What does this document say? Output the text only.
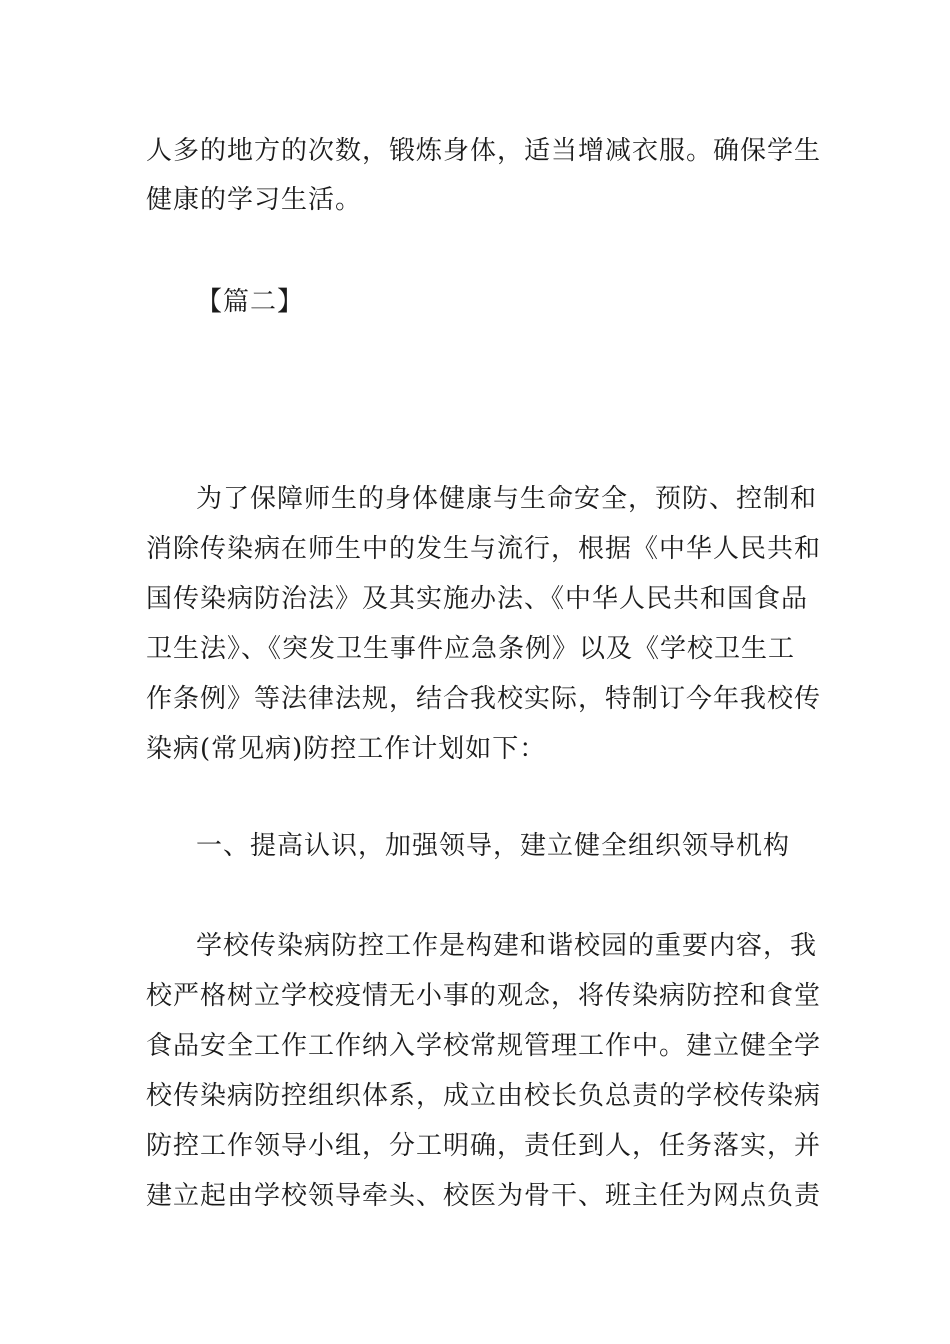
人多的地方的次数，锻炼身体，适当增减衣服。确保学生
健康的学习生活。
【篇二】
为了保障师生的身体健康与生命安全，预防、控制和
消除传染病在师生中的发生与流行，根据《中华人民共和
国传染病防治法》及其实施办法、《中华人民共和国食品
卫生法》、《突发卫生事件应急条例》以及《学校卫生工
作条例》等法律法规，结合我校实际，特制订今年我校传
染病(常见病)防控工作计划如下：
一、提高认识，加强领导，建立健全组织领导机构
学校传染病防控工作是构建和谐校园的重要内容，我
校严格树立学校疫情无小事的观念，将传染病防控和食堂
食品安全工作工作纳入学校常规管理工作中。建立健全学
校传染病防控组织体系，成立由校长负总责的学校传染病
防控工作领导小组，分工明确，责任到人，任务落实，并
建立起由学校领导牵头、校医为骨干、班主任为网点负责
